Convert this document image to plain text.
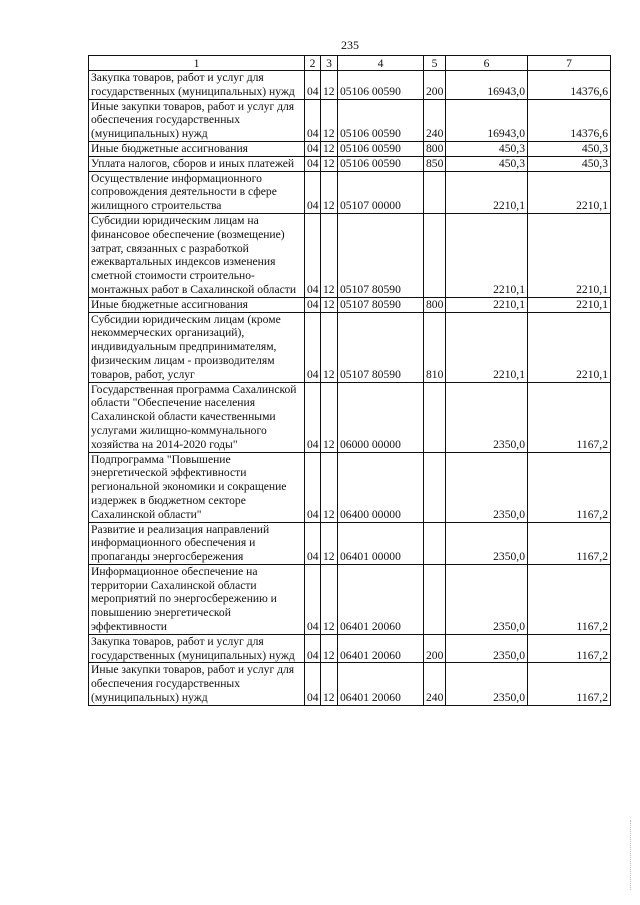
235
1	2	3	4	5	6	7
Закупка товаров, работ и услуг для государственных (муниципальных) нужд	04	12	05106 00590	200	16943,0	14376,6
Иные закупки товаров, работ и услуг для обеспечения государственных (муниципальных) нужд	04	12	05106 00590	240	16943,0	14376,6
Иные бюджетные ассигнования	04	12	05106 00590	800	450,3	450,3
Уплата налогов, сборов и иных платежей	04	12	05106 00590	850	450,3	450,3
Осуществление информационного сопровождения деятельности в сфере жилищного строительства	04	12	05107 00000		2210,1	2210,1
Субсидии юридическим лицам на финансовое обеспечение (возмещение) затрат, связанных с разработкой ежеквартальных индексов изменения сметной стоимости строительно-монтажных работ в Сахалинской области	04	12	05107 80590		2210,1	2210,1
Иные бюджетные ассигнования	04	12	05107 80590	800	2210,1	2210,1
Субсидии юридическим лицам (кроме некоммерческих организаций), индивидуальным предпринимателям, физическим лицам - производителям товаров, работ, услуг	04	12	05107 80590	810	2210,1	2210,1
Государственная программа Сахалинской области "Обеспечение населения Сахалинской области качественными услугами жилищно-коммунального хозяйства на 2014-2020 годы"	04	12	06000 00000		2350,0	1167,2
Подпрограмма "Повышение энергетической эффективности региональной экономики и сокращение издержек в бюджетном секторе Сахалинской области"	04	12	06400 00000		2350,0	1167,2
Развитие и реализация направлений информационного обеспечения и пропаганды энергосбережения	04	12	06401 00000		2350,0	1167,2
Информационное обеспечение на территории Сахалинской области мероприятий по энергосбережению и повышению энергетической эффективности	04	12	06401 20060		2350,0	1167,2
Закупка товаров, работ и услуг для государственных (муниципальных) нужд	04	12	06401 20060	200	2350,0	1167,2
Иные закупки товаров, работ и услуг для обеспечения государственных (муниципальных) нужд	04	12	06401 20060	240	2350,0	1167,2
